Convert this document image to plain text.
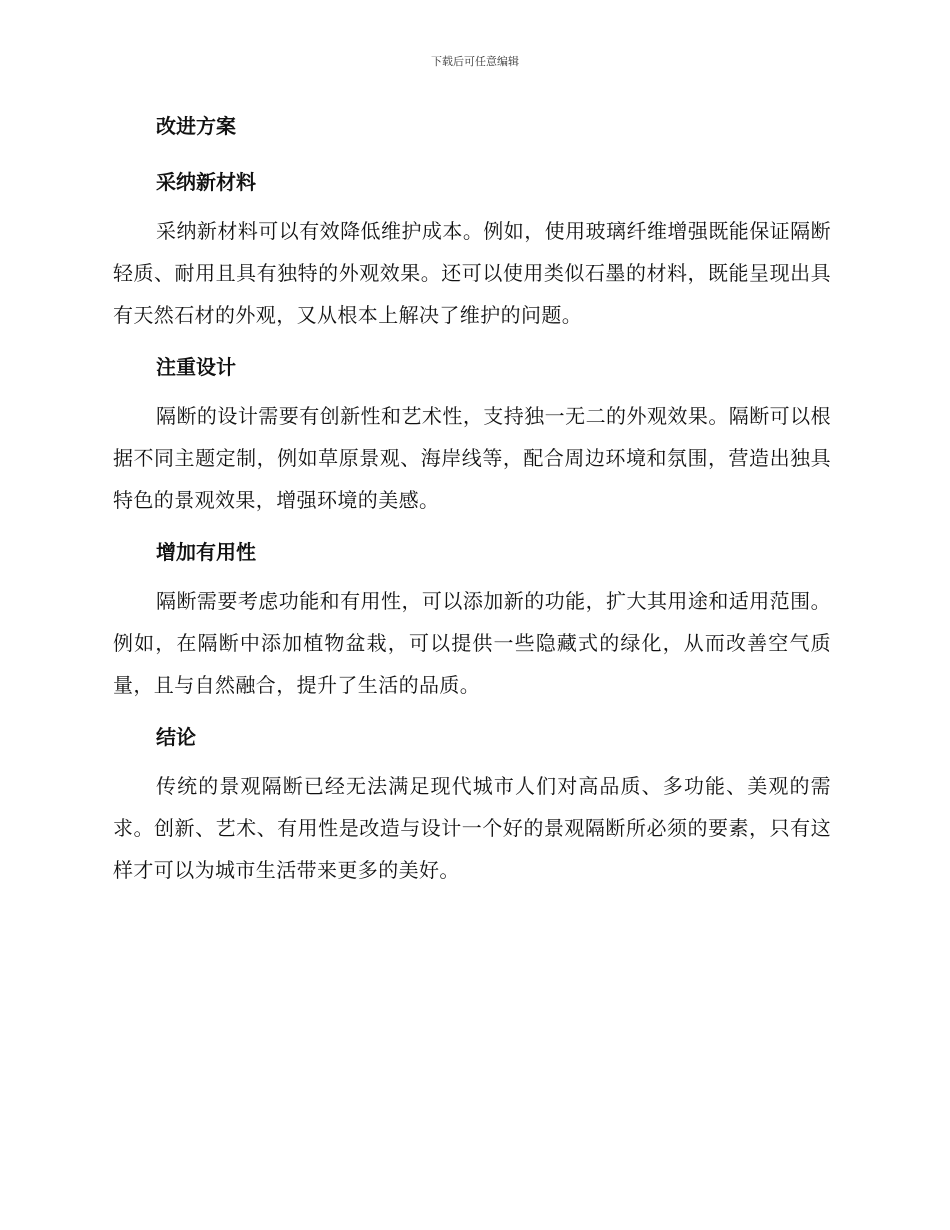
下载后可任意编辑
改进方案
采纳新材料

采纳新材料可以有效降低维护成本。例如，使用玻璃纤维增强既能保证隔断轻质、耐用且具有独特的外观效果。还可以使用类似石墨的材料，既能呈现出具有天然石材的外观，又从根本上解决了维护的问题。

注重设计

隔断的设计需要有创新性和艺术性，支持独一无二的外观效果。隔断可以根据不同主题定制，例如草原景观、海岸线等，配合周边环境和氛围，营造出独具特色的景观效果，增强环境的美感。

增加有用性

隔断需要考虑功能和有用性，可以添加新的功能，扩大其用途和适用范围。例如，在隔断中添加植物盆栽，可以提供一些隐藏式的绿化，从而改善空气质量，且与自然融合，提升了生活的品质。

结论

传统的景观隔断已经无法满足现代城市人们对高品质、多功能、美观的需求。创新、艺术、有用性是改造与设计一个好的景观隔断所必须的要素，只有这样才可以为城市生活带来更多的美好。
